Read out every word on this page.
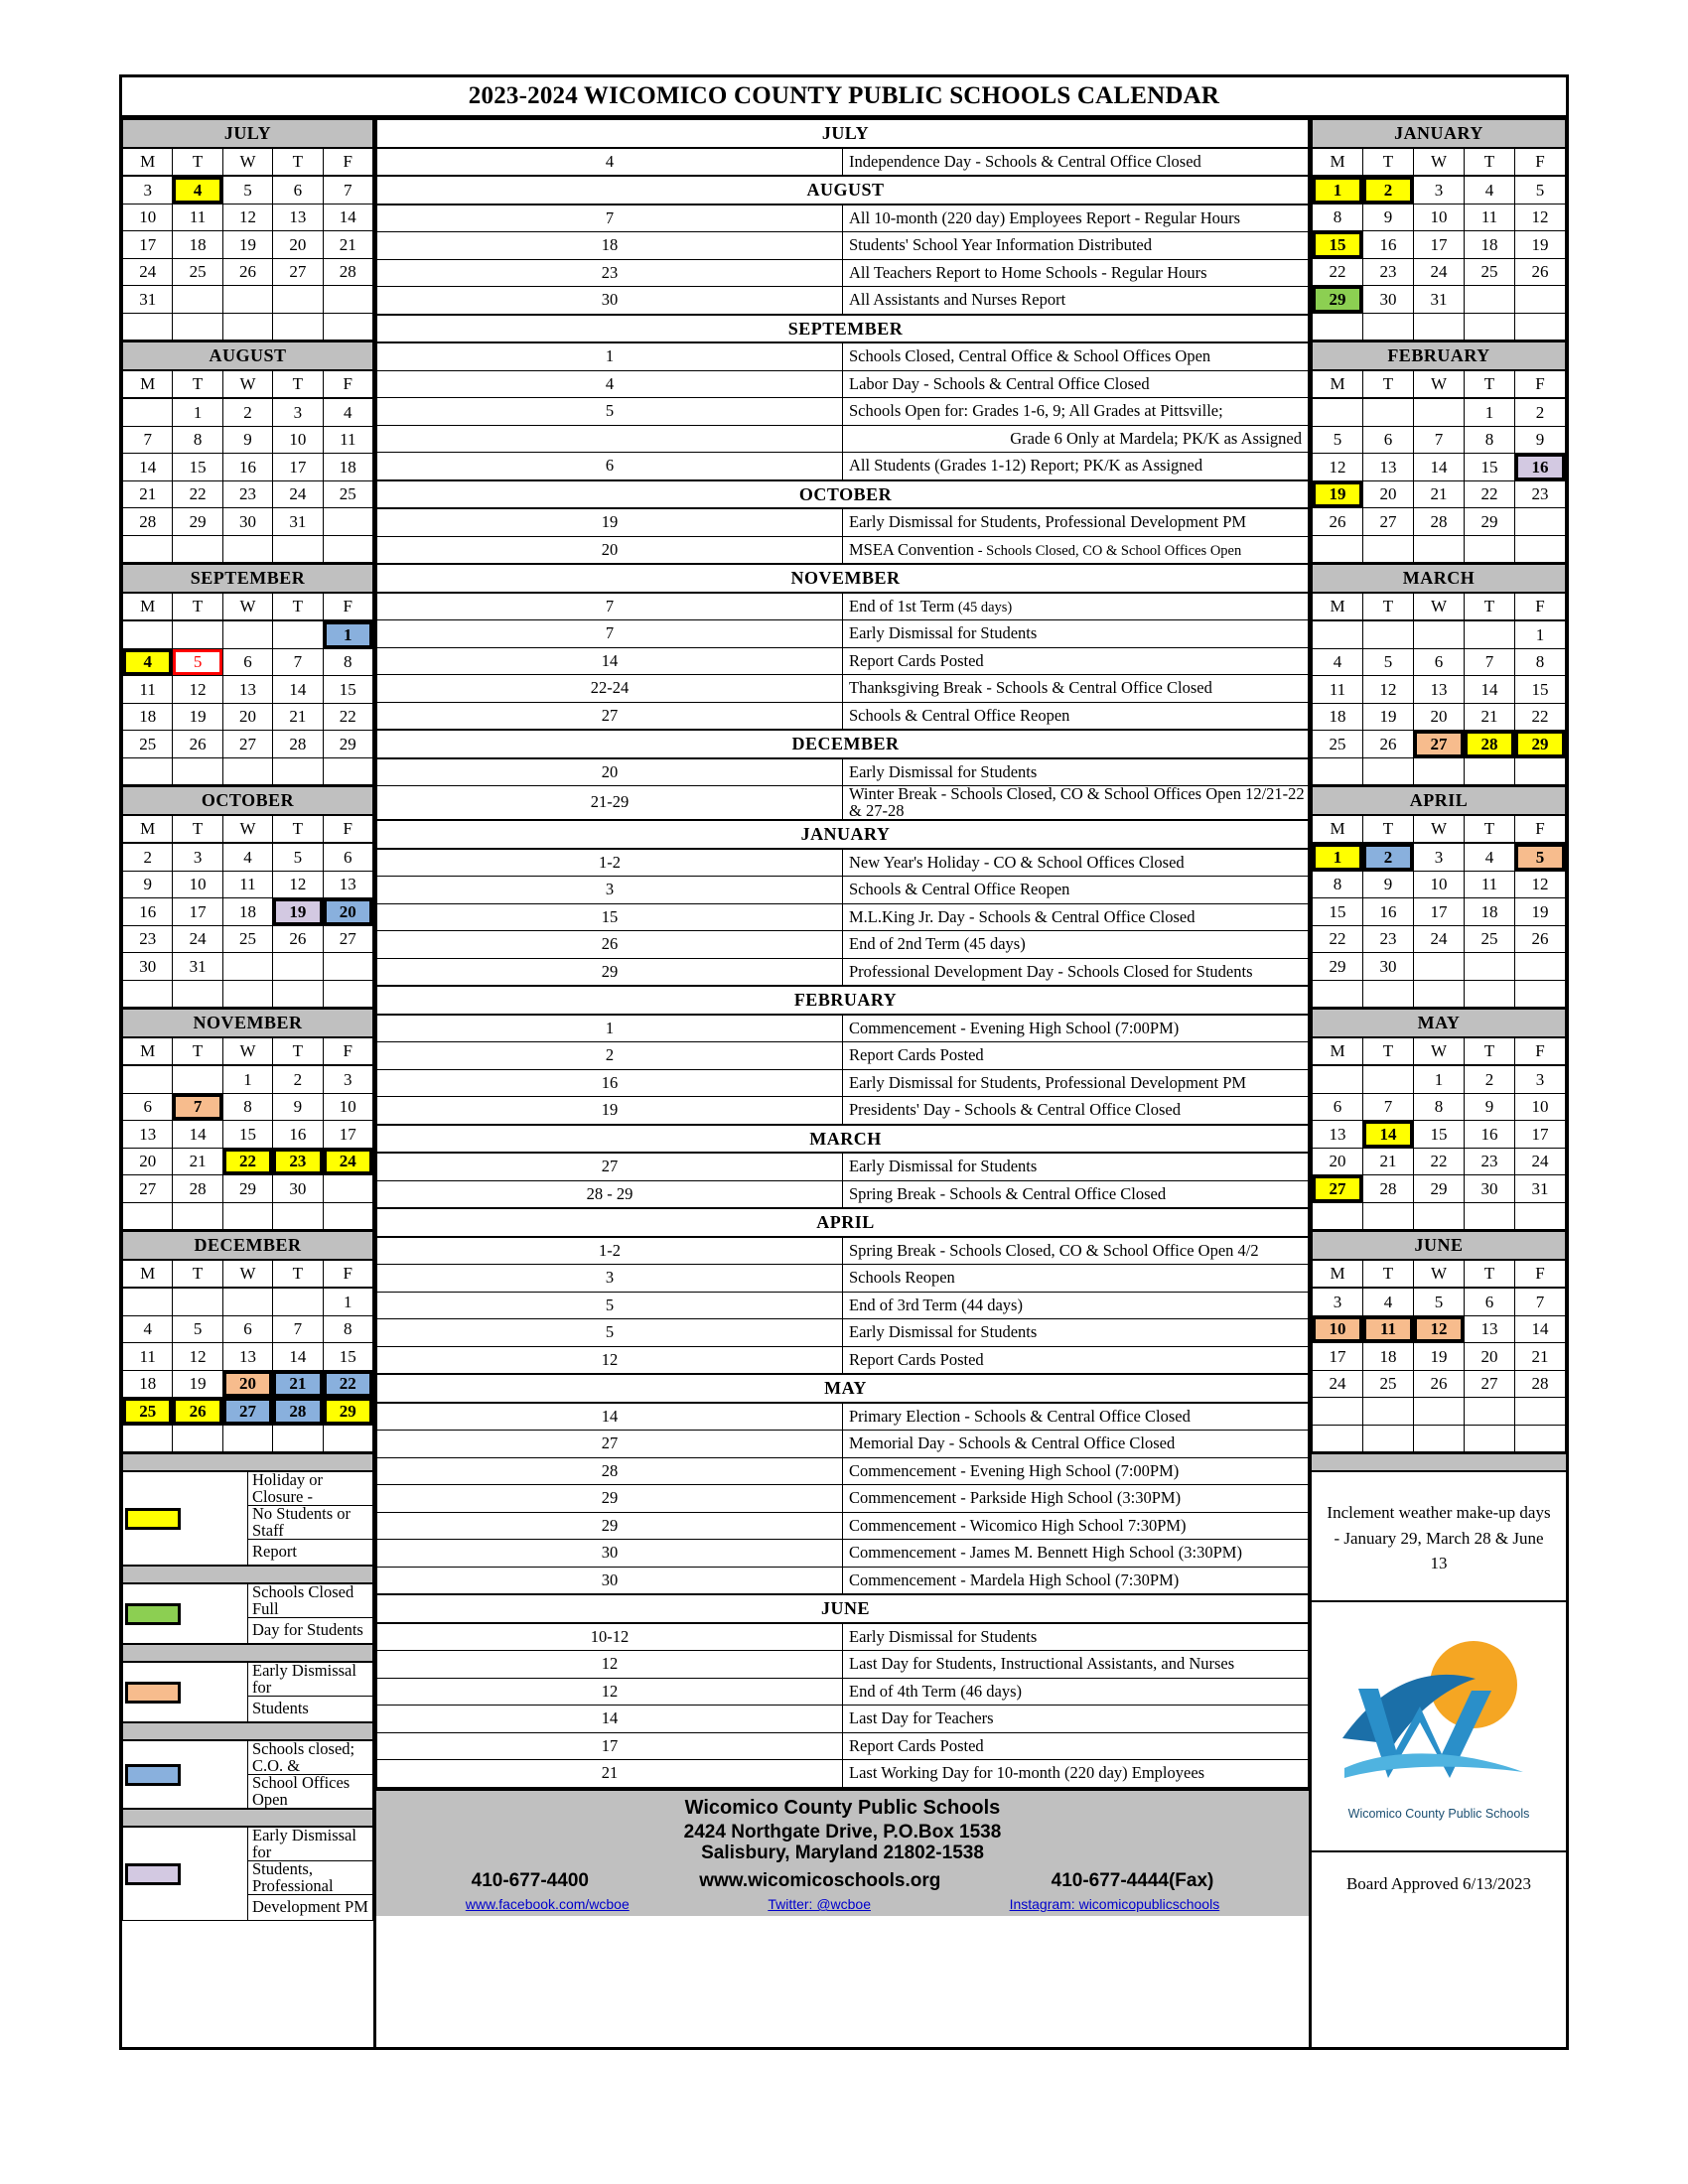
2023-2024 WICOMICO COUNTY PUBLIC SCHOOLS CALENDAR
JULY				
M	T	W	T	F
3	4	5	6	7
10	11	12	13	14
17	18	19	20	21
24	25	26	27	28
31				

AUGUST				
M	T	W	T	F
	1	2	3	4
7	8	9	10	11
14	15	16	17	18
21	22	23	24	25
28	29	30	31	

SEPTEMBER				
M	T	W	T	F
				1
4	5	6	7	8
11	12	13	14	15
18	19	20	21	22
25	26	27	28	29

OCTOBER				
M	T	W	T	F
2	3	4	5	6
9	10	11	12	13
16	17	18	19	20
23	24	25	26	27
30	31			

NOVEMBER				
M	T	W	T	F
		1	2	3
6	7	8	9	10
13	14	15	16	17
20	21	22	23	24
27	28	29	30	

DECEMBER				
M	T	W	T	F
				1
4	5	6	7	8
11	12	13	14	15
18	19	20	21	22
25	26	27	28	29

	Holiday or Closure -
	No Students or Staff
	Report

	Schools Closed Full
	Day for Students

	Early Dismissal for
	Students

	Schools closed; C.O. &
	School Offices Open

	Early Dismissal for
	Students, Professional
	Development PM
JULY	
4	Independence Day - Schools & Central Office Closed
AUGUST	
7	All 10-month (220 day) Employees Report - Regular Hours
18	Students' School Year Information Distributed
23	All Teachers Report to Home Schools - Regular Hours
30	All Assistants and Nurses Report
SEPTEMBER	
1	Schools Closed, Central Office & School Offices Open
4	Labor Day - Schools & Central Office Closed
5	Schools Open for: Grades 1-6, 9; All Grades at Pittsville;
	Grade 6 Only at Mardela; PK/K as Assigned
6	All Students (Grades 1-12) Report; PK/K as Assigned
OCTOBER	
19	Early Dismissal for Students, Professional Development PM
20	MSEA Convention - Schools Closed, CO & School Offices Open
NOVEMBER	
7	End of 1st Term (45 days)
7	Early Dismissal for Students
14	Report Cards Posted
22-24	Thanksgiving Break - Schools & Central Office Closed
27	Schools & Central Office Reopen
DECEMBER	
20	Early Dismissal for Students
21-29	Winter Break - Schools Closed, CO & School Offices Open 12/21-22 & 27-28
JANUARY	
1-2	New Year's Holiday - CO & School Offices Closed
3	Schools & Central Office Reopen
15	M.L.King Jr. Day - Schools & Central Office Closed
26	End of 2nd Term (45 days)
29	Professional Development Day - Schools Closed for Students
FEBRUARY	
1	Commencement - Evening High School (7:00PM)
2	Report Cards Posted
16	Early Dismissal for Students, Professional Development PM
19	Presidents' Day - Schools & Central Office Closed
MARCH	
27	Early Dismissal for Students
28 - 29	Spring Break - Schools & Central Office Closed
APRIL	
1-2	Spring Break - Schools Closed, CO & School Office Open 4/2
3	Schools Reopen
5	End of 3rd Term (44 days)
5	Early Dismissal for Students
12	Report Cards Posted
MAY	
14	Primary Election - Schools & Central Office Closed
27	Memorial Day - Schools & Central Office Closed
28	Commencement - Evening High School (7:00PM)
29	Commencement - Parkside High School (3:30PM)
29	Commencement - Wicomico High School 7:30PM)
30	Commencement - James M. Bennett High School (3:30PM)
30	Commencement - Mardela High School (7:30PM)
JUNE	
10-12	Early Dismissal for Students
12	Last Day for Students, Instructional Assistants, and Nurses
12	End of 4th Term (46 days)
14	Last Day for Teachers
17	Report Cards Posted
21	Last Working Day for 10-month (220 day) Employees
Wicomico County Public Schools
2424 Northgate Drive, P.O.Box 1538
Salisbury, Maryland 21802-1538
410-677-4400	www.wicomicoschools.org	410-677-4444(Fax)
www.facebook.com/wcboe	Twitter: @wcboe	Instagram: wicomicopublicschools
JANUARY				
M	T	W	T	F
1	2	3	4	5
8	9	10	11	12
15	16	17	18	19
22	23	24	25	26
29	30	31		

FEBRUARY				
M	T	W	T	F
			1	2
5	6	7	8	9
12	13	14	15	16
19	20	21	22	23
26	27	28	29	

MARCH				
M	T	W	T	F
				1
4	5	6	7	8
11	12	13	14	15
18	19	20	21	22
25	26	27	28	29

APRIL				
M	T	W	T	F
1	2	3	4	5
8	9	10	11	12
15	16	17	18	19
22	23	24	25	26
29	30			

MAY				
M	T	W	T	F
		1	2	3
6	7	8	9	10
13	14	15	16	17
20	21	22	23	24
27	28	29	30	31

JUNE				
M	T	W	T	F
3	4	5	6	7
10	11	12	13	14
17	18	19	20	21
24	25	26	27	28

Inclement weather make-up days - January 29, March 28 & June 13
Wicomico County Public Schools
Board Approved 6/13/2023
